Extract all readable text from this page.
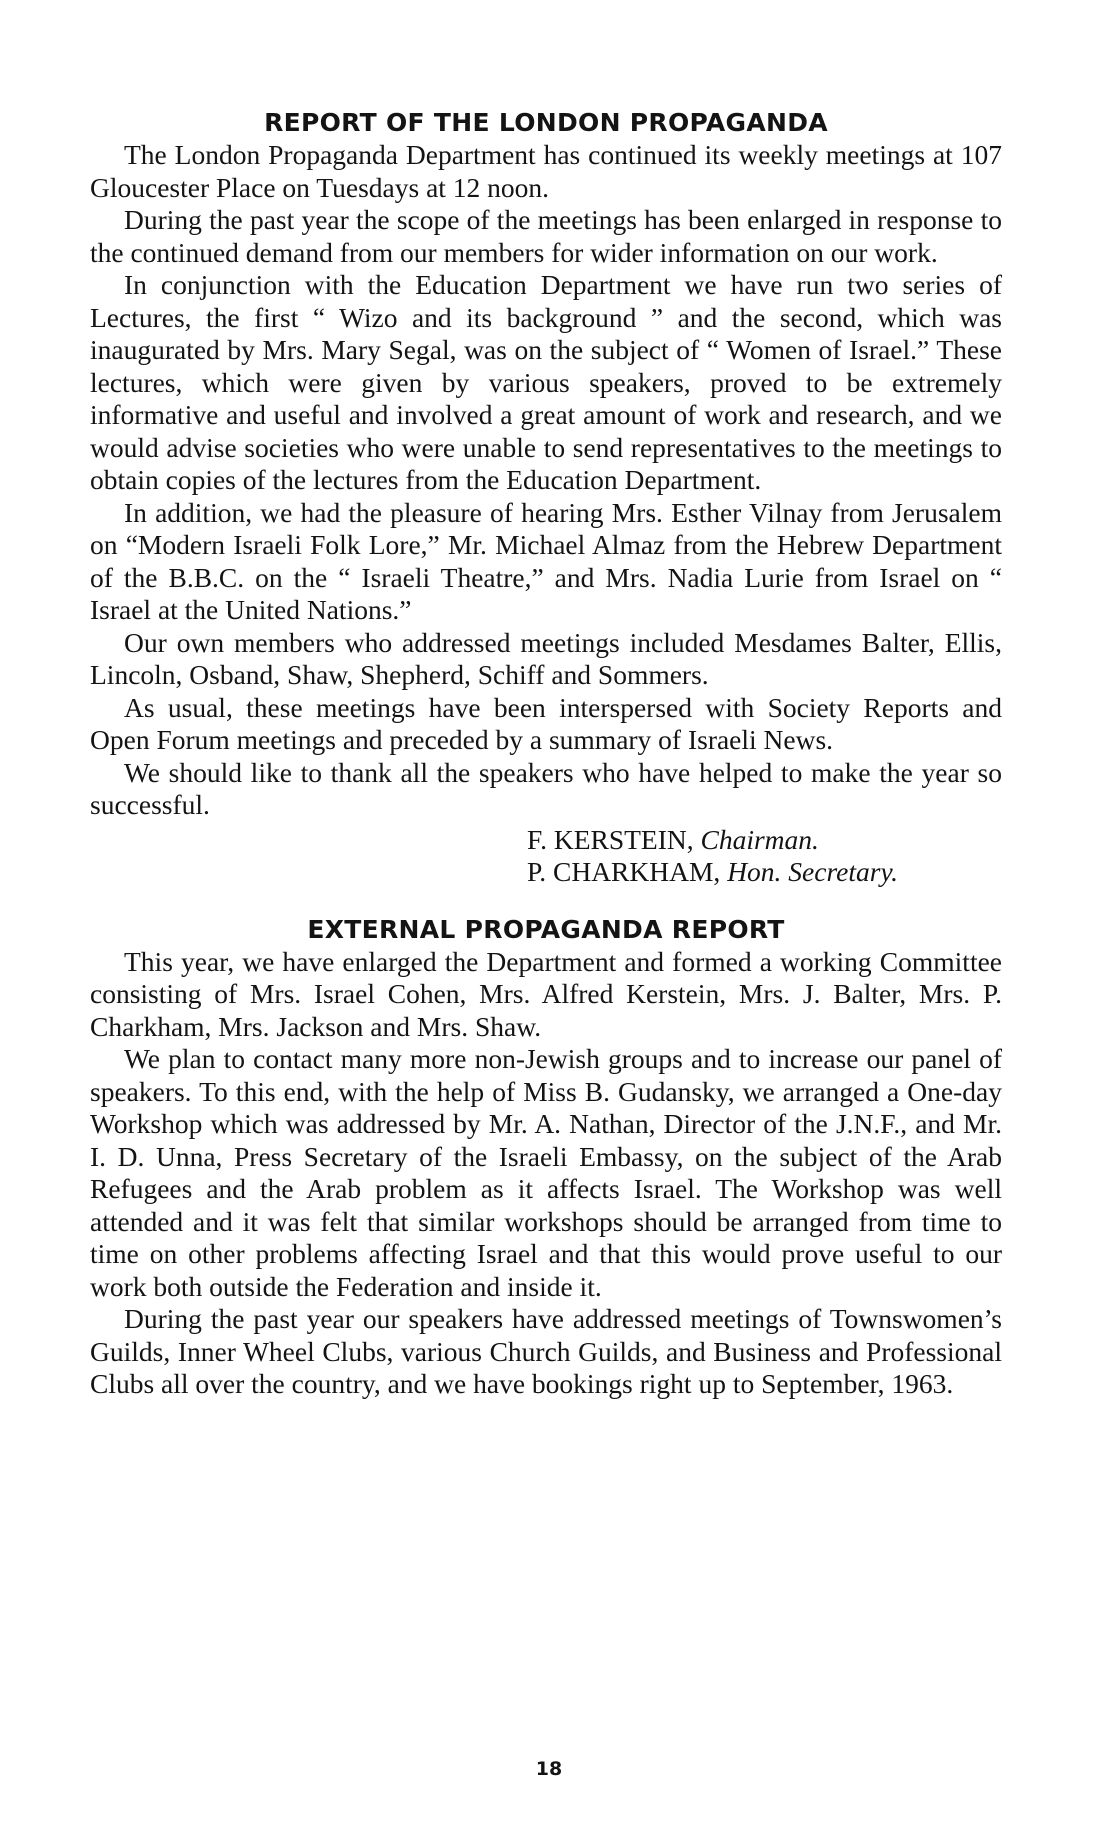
REPORT OF THE LONDON PROPAGANDA

The London Propaganda Department has continued its weekly meetings at 107 Gloucester Place on Tuesdays at 12 noon.

During the past year the scope of the meetings has been enlarged in response to the continued demand from our members for wider information on our work.

In conjunction with the Education Department we have run two series of Lectures, the first “ Wizo and its background ” and the second, which was inaugurated by Mrs. Mary Segal, was on the subject of “ Women of Israel.” These lectures, which were given by various speakers, proved to be extremely informative and useful and involved a great amount of work and research, and we would advise societies who were unable to send representatives to the meetings to obtain copies of the lectures from the Education Department.

In addition, we had the pleasure of hearing Mrs. Esther Vilnay from Jerusalem on “Modern Israeli Folk Lore,” Mr. Michael Almaz from the Hebrew Department of the B.B.C. on the “ Israeli Theatre,” and Mrs. Nadia Lurie from Israel on “ Israel at the United Nations.”

Our own members who addressed meetings included Mesdames Balter, Ellis, Lincoln, Osband, Shaw, Shepherd, Schiff and Sommers.

As usual, these meetings have been interspersed with Society Reports and Open Forum meetings and preceded by a summary of Israeli News.

We should like to thank all the speakers who have helped to make the year so successful.

F. KERSTEIN, Chairman.
P. CHARKHAM, Hon. Secretary.
EXTERNAL PROPAGANDA REPORT

This year, we have enlarged the Department and formed a working Committee consisting of Mrs. Israel Cohen, Mrs. Alfred Kerstein, Mrs. J. Balter, Mrs. P. Charkham, Mrs. Jackson and Mrs. Shaw.

We plan to contact many more non-Jewish groups and to increase our panel of speakers. To this end, with the help of Miss B. Gudansky, we arranged a One-day Workshop which was addressed by Mr. A. Nathan, Director of the J.N.F., and Mr. I. D. Unna, Press Secretary of the Israeli Embassy, on the subject of the Arab Refugees and the Arab problem as it affects Israel. The Workshop was well attended and it was felt that similar workshops should be arranged from time to time on other problems affecting Israel and that this would prove useful to our work both outside the Federation and inside it.

During the past year our speakers have addressed meetings of Townswomen’s Guilds, Inner Wheel Clubs, various Church Guilds, and Business and Professional Clubs all over the country, and we have bookings right up to September, 1963.

18
